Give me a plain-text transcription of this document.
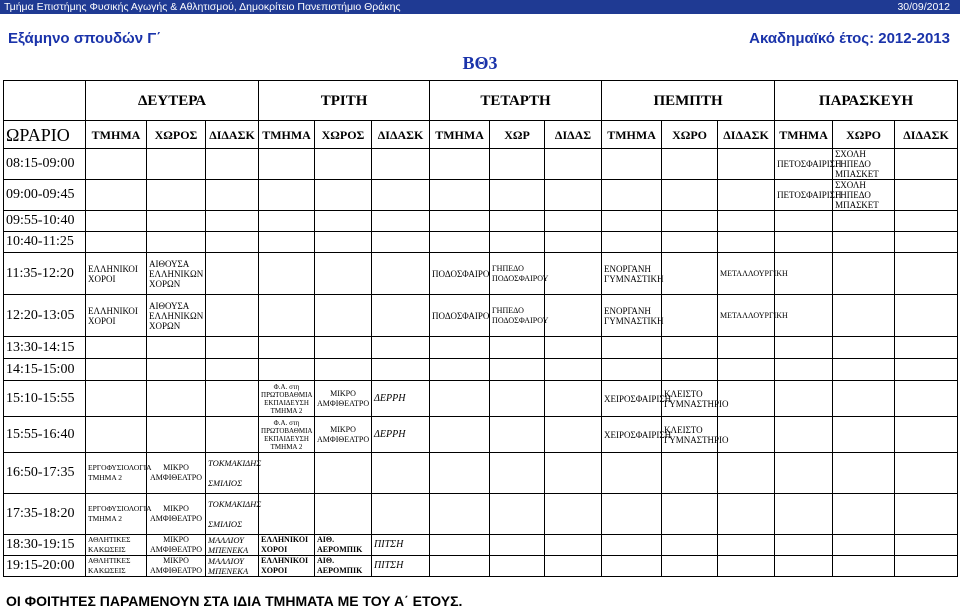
Τμήμα Επιστήμης Φυσικής Αγωγής & Αθλητισμού, Δημοκρίτειο Πανεπιστήμιο Θράκης	30/09/2012
Εξάμηνο σπουδών Γ΄	Ακαδημαϊκό έτος: 2012-2013
ΒΘ3
	ΔΕΥΤΕΡΑ			ΤΡΙΤΗ			ΤΕΤΑΡΤΗ			ΠΕΜΠΤΗ			ΠΑΡΑΣΚΕΥΗ		
ΩΡΑΡΙΟ	ΤΜΗΜΑ	ΧΩΡΟΣ	ΔΙΔΑΣΚ	ΤΜΗΜΑ	ΧΩΡΟΣ	ΔΙΔΑΣΚ	ΤΜΗΜΑ	ΧΩΡ	ΔΙΔΑΣ	ΤΜΗΜΑ	ΧΩΡΟ	ΔΙΔΑΣΚ	ΤΜΗΜΑ	ΧΩΡΟ	ΔΙΔΑΣΚ
08:15-09:00													ΠΕΤΟΣΦΑΙΡΙΣΗ	ΣΧΟΛΗ ΓΗΠΕΔΟ ΜΠΑΣΚΕΤ	
09:00-09:45													ΠΕΤΟΣΦΑΙΡΙΣΗ	ΣΧΟΛΗ ΓΗΠΕΔΟ ΜΠΑΣΚΕΤ	
09:55-10:40															
10:40-11:25															
11:35-12:20	ΕΛΛΗΝΙΚΟΙ ΧΟΡΟΙ	ΑΙΘΟΥΣΑ ΕΛΛΗΝΙΚΩΝ ΧΟΡΩΝ					ΠΟΔΟΣΦΑΙΡΟ	ΓΗΠΕΔΟ ΠΟΔΟΣΦΑΙΡΟΥ		ΕΝΟΡΓΑΝΗ ΓΥΜΝΑΣΤΙΚΗ		ΜΕΤΑΛΛΟΥΡΓΙΚΗ			
12:20-13:05	ΕΛΛΗΝΙΚΟΙ ΧΟΡΟΙ	ΑΙΘΟΥΣΑ ΕΛΛΗΝΙΚΩΝ ΧΟΡΩΝ					ΠΟΔΟΣΦΑΙΡΟ	ΓΗΠΕΔΟ ΠΟΔΟΣΦΑΙΡΟΥ		ΕΝΟΡΓΑΝΗ ΓΥΜΝΑΣΤΙΚΗ		ΜΕΤΑΛΛΟΥΡΓΙΚΗ			
13:30-14:15															
14:15-15:00															
15:10-15:55				Φ.Α. στη ΠΡΩΤΟΒΑΘΜΙΑ ΕΚΠΑΙΔΕΥΣΗ ΤΜΗΜΑ 2	ΜΙΚΡΟ ΑΜΦΙΘΕΑΤΡΟ	ΔΕΡΡΗ				ΧΕΙΡΟΣΦΑΙΡΙΣΗ	ΚΛΕΙΣΤΟ ΓΥΜΝΑΣΤΗΡΙΟ				
15:55-16:40				Φ.Α. στη ΠΡΩΤΟΒΑΘΜΙΑ ΕΚΠΑΙΔΕΥΣΗ ΤΜΗΜΑ 2	ΜΙΚΡΟ ΑΜΦΙΘΕΑΤΡΟ	ΔΕΡΡΗ				ΧΕΙΡΟΣΦΑΙΡΙΣΗ	ΚΛΕΙΣΤΟ ΓΥΜΝΑΣΤΗΡΙΟ				
16:50-17:35	ΕΡΓΟΦΥΣΙΟΛΟΓΙΑ ΤΜΗΜΑ 2	ΜΙΚΡΟ ΑΜΦΙΘΕΑΤΡΟ	ΤΟΚΜΑΚΙΔΗΣ
ΣΜΙΛΙΟΣ												

17:35-18:20	ΕΡΓΟΦΥΣΙΟΛΟΓΙΑ ΤΜΗΜΑ 2	ΜΙΚΡΟ ΑΜΦΙΘΕΑΤΡΟ	ΤΟΚΜΑΚΙΔΗΣ
ΣΜΙΛΙΟΣ												

18:30-19:15	ΑΘΛΗΤΙΚΕΣ ΚΑΚΩΣΕΙΣ	ΜΙΚΡΟ ΑΜΦΙΘΕΑΤΡΟ	ΜΑΛΛΙΟΥ
ΜΠΕΝΕΚΑ	ΕΛΛΗΝΙΚΟΙ ΧΟΡΟΙ	ΑΙΘ. ΑΕΡΟΜΠΙΚ	ΠΙΤΣΗ									
19:15-20:00	ΑΘΛΗΤΙΚΕΣ ΚΑΚΩΣΕΙΣ	ΜΙΚΡΟ ΑΜΦΙΘΕΑΤΡΟ	ΜΑΛΛΙΟΥ
ΜΠΕΝΕΚΑ	ΕΛΛΗΝΙΚΟΙ ΧΟΡΟΙ	ΑΙΘ. ΑΕΡΟΜΠΙΚ	ΠΙΤΣΗ									
ΟΙ ΦΟΙΤΗΤΕΣ ΠΑΡΑΜΕΝΟΥΝ ΣΤΑ ΙΔΙΑ ΤΜΗΜΑΤΑ ΜΕ ΤΟΥ Α΄ ΕΤΟΥΣ.
